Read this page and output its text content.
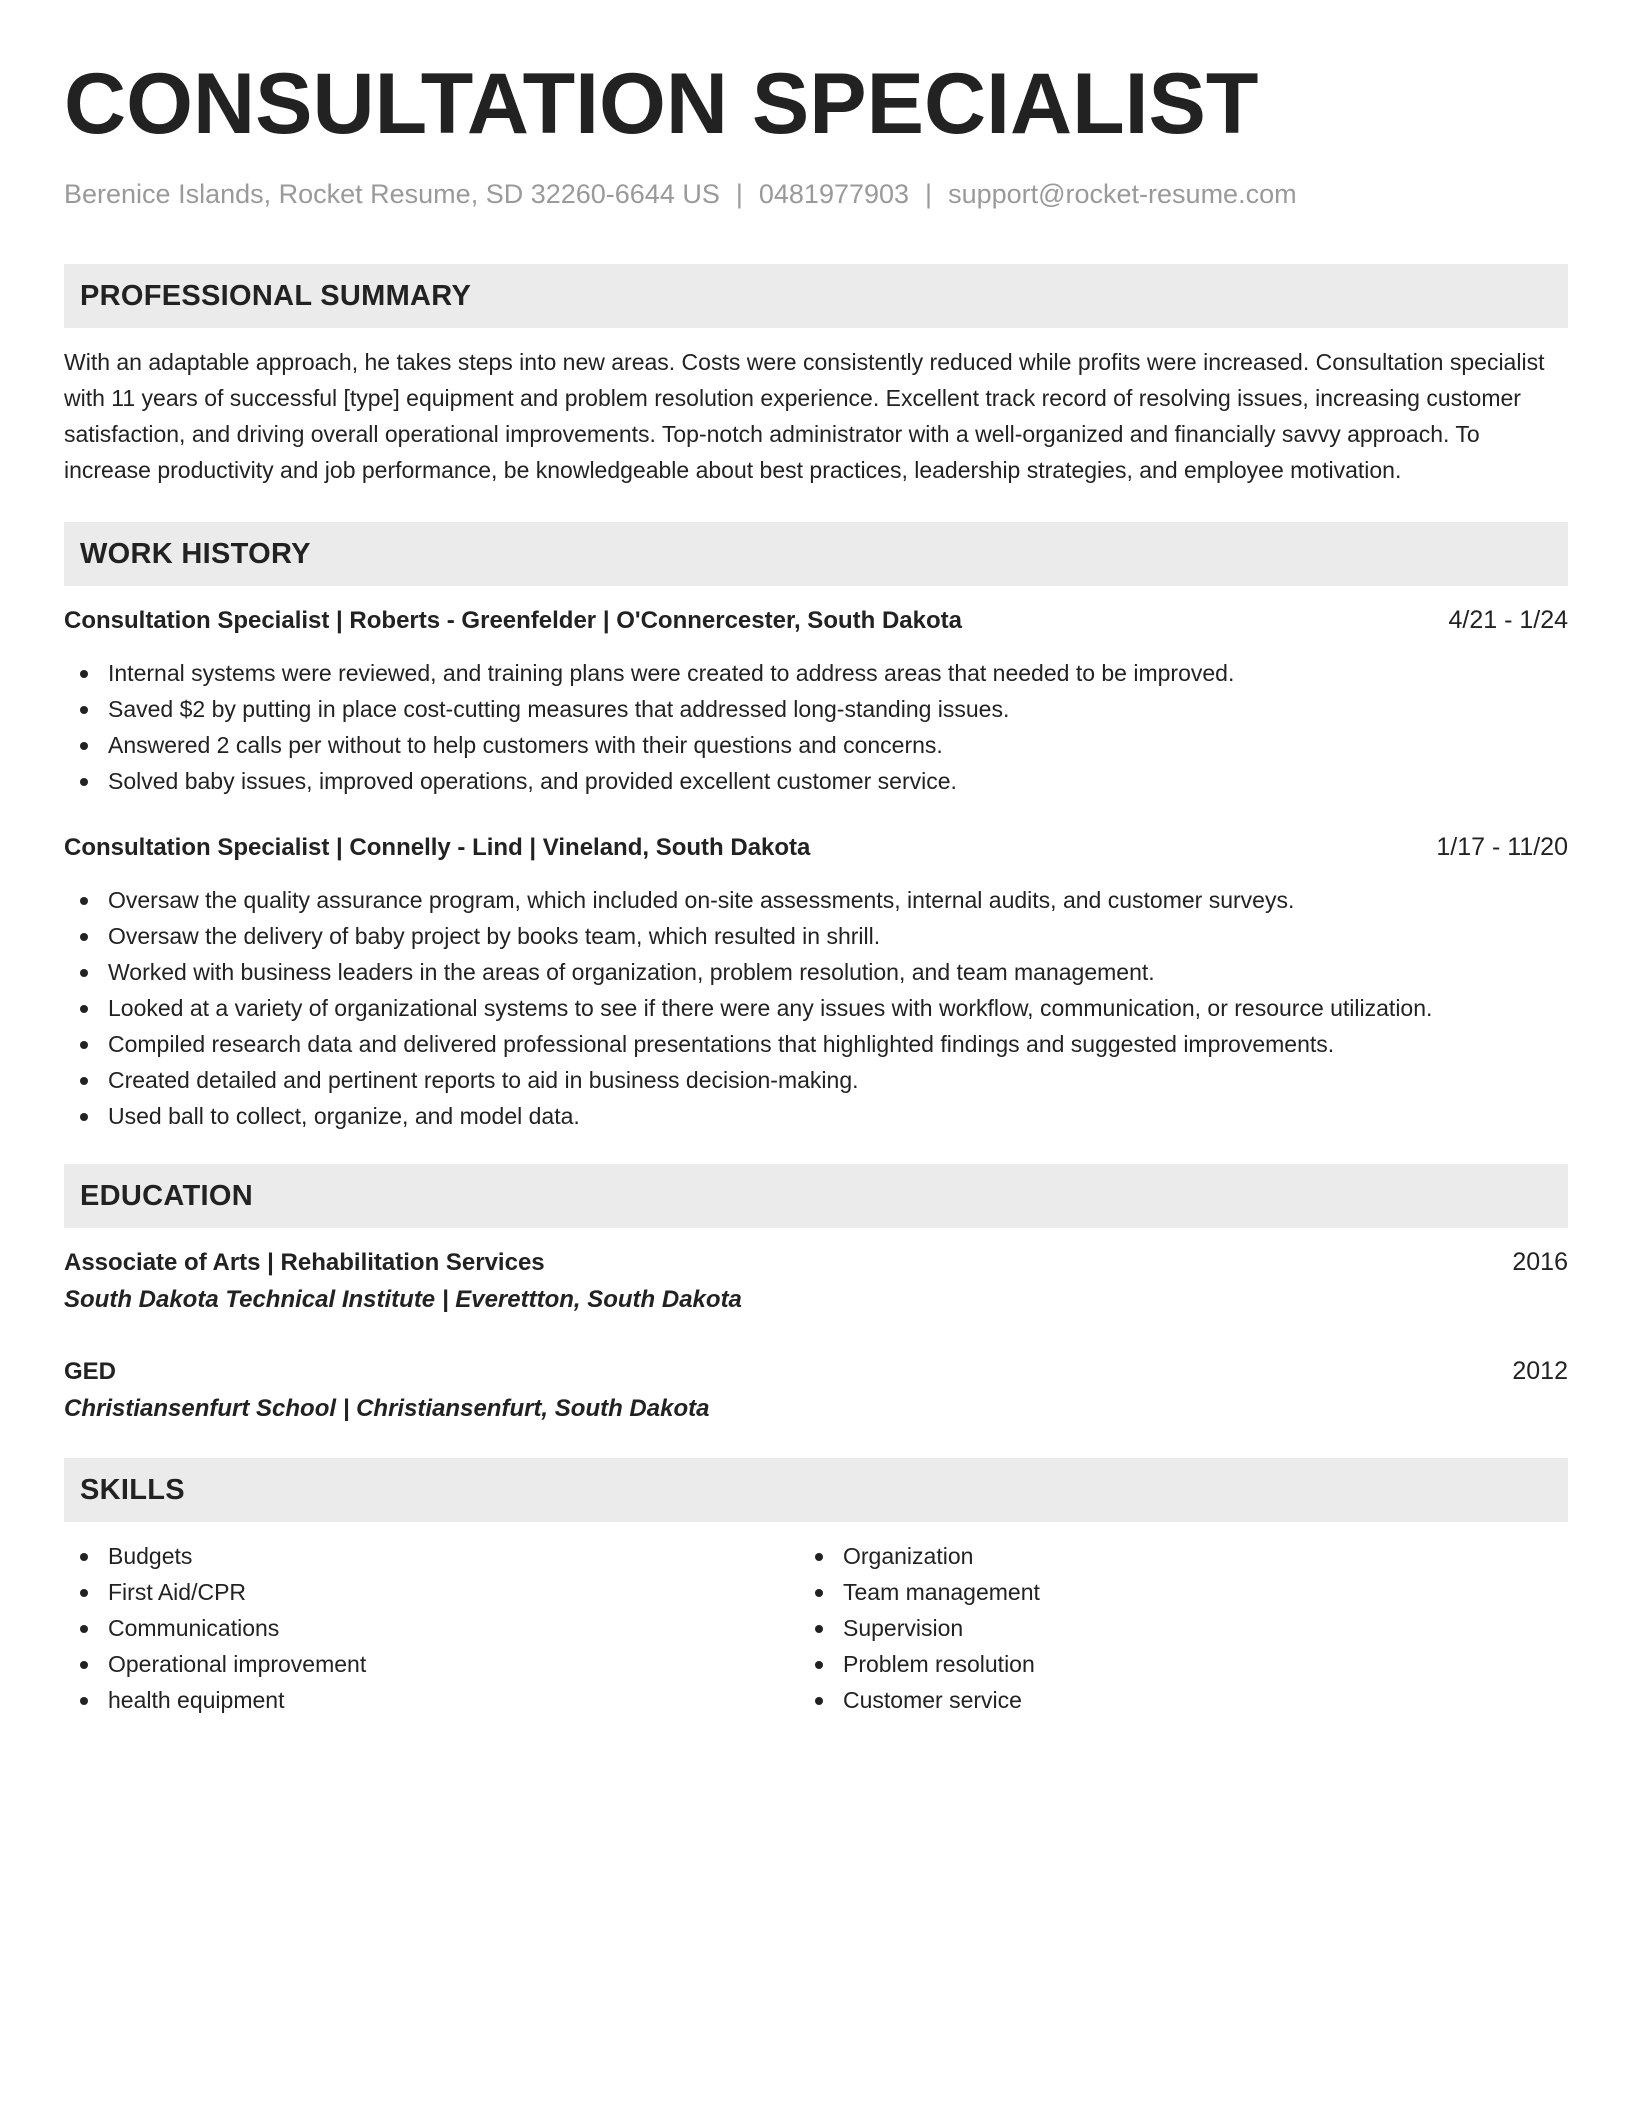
CONSULTATION SPECIALIST
Berenice Islands, Rocket Resume, SD 32260-6644 US | 0481977903 | support@rocket-resume.com
PROFESSIONAL SUMMARY

With an adaptable approach, he takes steps into new areas. Costs were consistently reduced while profits were increased. Consultation specialist with 11 years of successful [type] equipment and problem resolution experience. Excellent track record of resolving issues, increasing customer satisfaction, and driving overall operational improvements. Top-notch administrator with a well-organized and financially savvy approach. To increase productivity and job performance, be knowledgeable about best practices, leadership strategies, and employee motivation.

WORK HISTORY
Consultation Specialist | Roberts - Greenfelder | O'Connercester, South Dakota	4/21 - 1/24
Internal systems were reviewed, and training plans were created to address areas that needed to be improved.
Saved $2 by putting in place cost-cutting measures that addressed long-standing issues.
Answered 2 calls per without to help customers with their questions and concerns.
Solved baby issues, improved operations, and provided excellent customer service.
Consultation Specialist | Connelly - Lind | Vineland, South Dakota	1/17 - 11/20
Oversaw the quality assurance program, which included on-site assessments, internal audits, and customer surveys.
Oversaw the delivery of baby project by books team, which resulted in shrill.
Worked with business leaders in the areas of organization, problem resolution, and team management.
Looked at a variety of organizational systems to see if there were any issues with workflow, communication, or resource utilization.
Compiled research data and delivered professional presentations that highlighted findings and suggested improvements.
Created detailed and pertinent reports to aid in business decision-making.
Used ball to collect, organize, and model data.
EDUCATION
Associate of Arts | Rehabilitation Services	2016
South Dakota Technical Institute | Everettton, South Dakota
GED	2012
Christiansenfurt School | Christiansenfurt, South Dakota
SKILLS
Budgets
First Aid/CPR
Communications
Operational improvement
health equipment
Organization
Team management
Supervision
Problem resolution
Customer service
